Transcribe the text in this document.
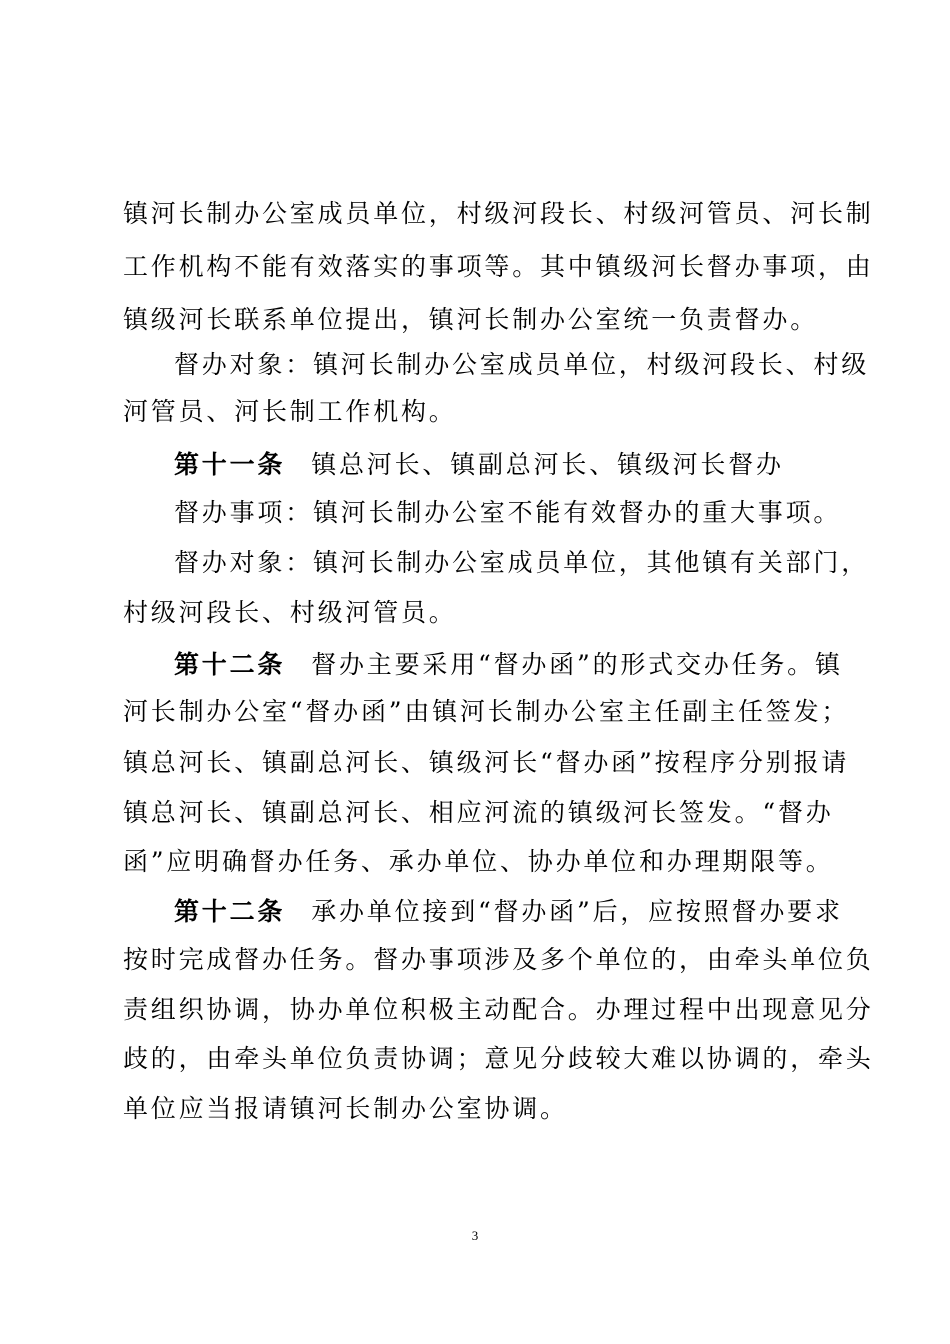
镇河长制办公室成员单位，村级河段长、村级河管员、河长制
工作机构不能有效落实的事项等。其中镇级河长督办事项，由
镇级河长联系单位提出，镇河长制办公室统一负责督办。
督办对象：镇河长制办公室成员单位，村级河段长、村级
河管员、河长制工作机构。
第十一条 镇总河长、镇副总河长、镇级河长督办
督办事项：镇河长制办公室不能有效督办的重大事项。
督办对象：镇河长制办公室成员单位，其他镇有关部门，
村级河段长、村级河管员。
第十二条 督办主要采用“督办函”的形式交办任务。镇
河长制办公室“督办函”由镇河长制办公室主任副主任签发；
镇总河长、镇副总河长、镇级河长“督办函”按程序分别报请
镇总河长、镇副总河长、相应河流的镇级河长签发。“督办
函”应明确督办任务、承办单位、协办单位和办理期限等。
第十二条 承办单位接到“督办函”后，应按照督办要求
按时完成督办任务。督办事项涉及多个单位的，由牵头单位负
责组织协调，协办单位积极主动配合。办理过程中出现意见分
歧的，由牵头单位负责协调；意见分歧较大难以协调的，牵头
单位应当报请镇河长制办公室协调。
3
